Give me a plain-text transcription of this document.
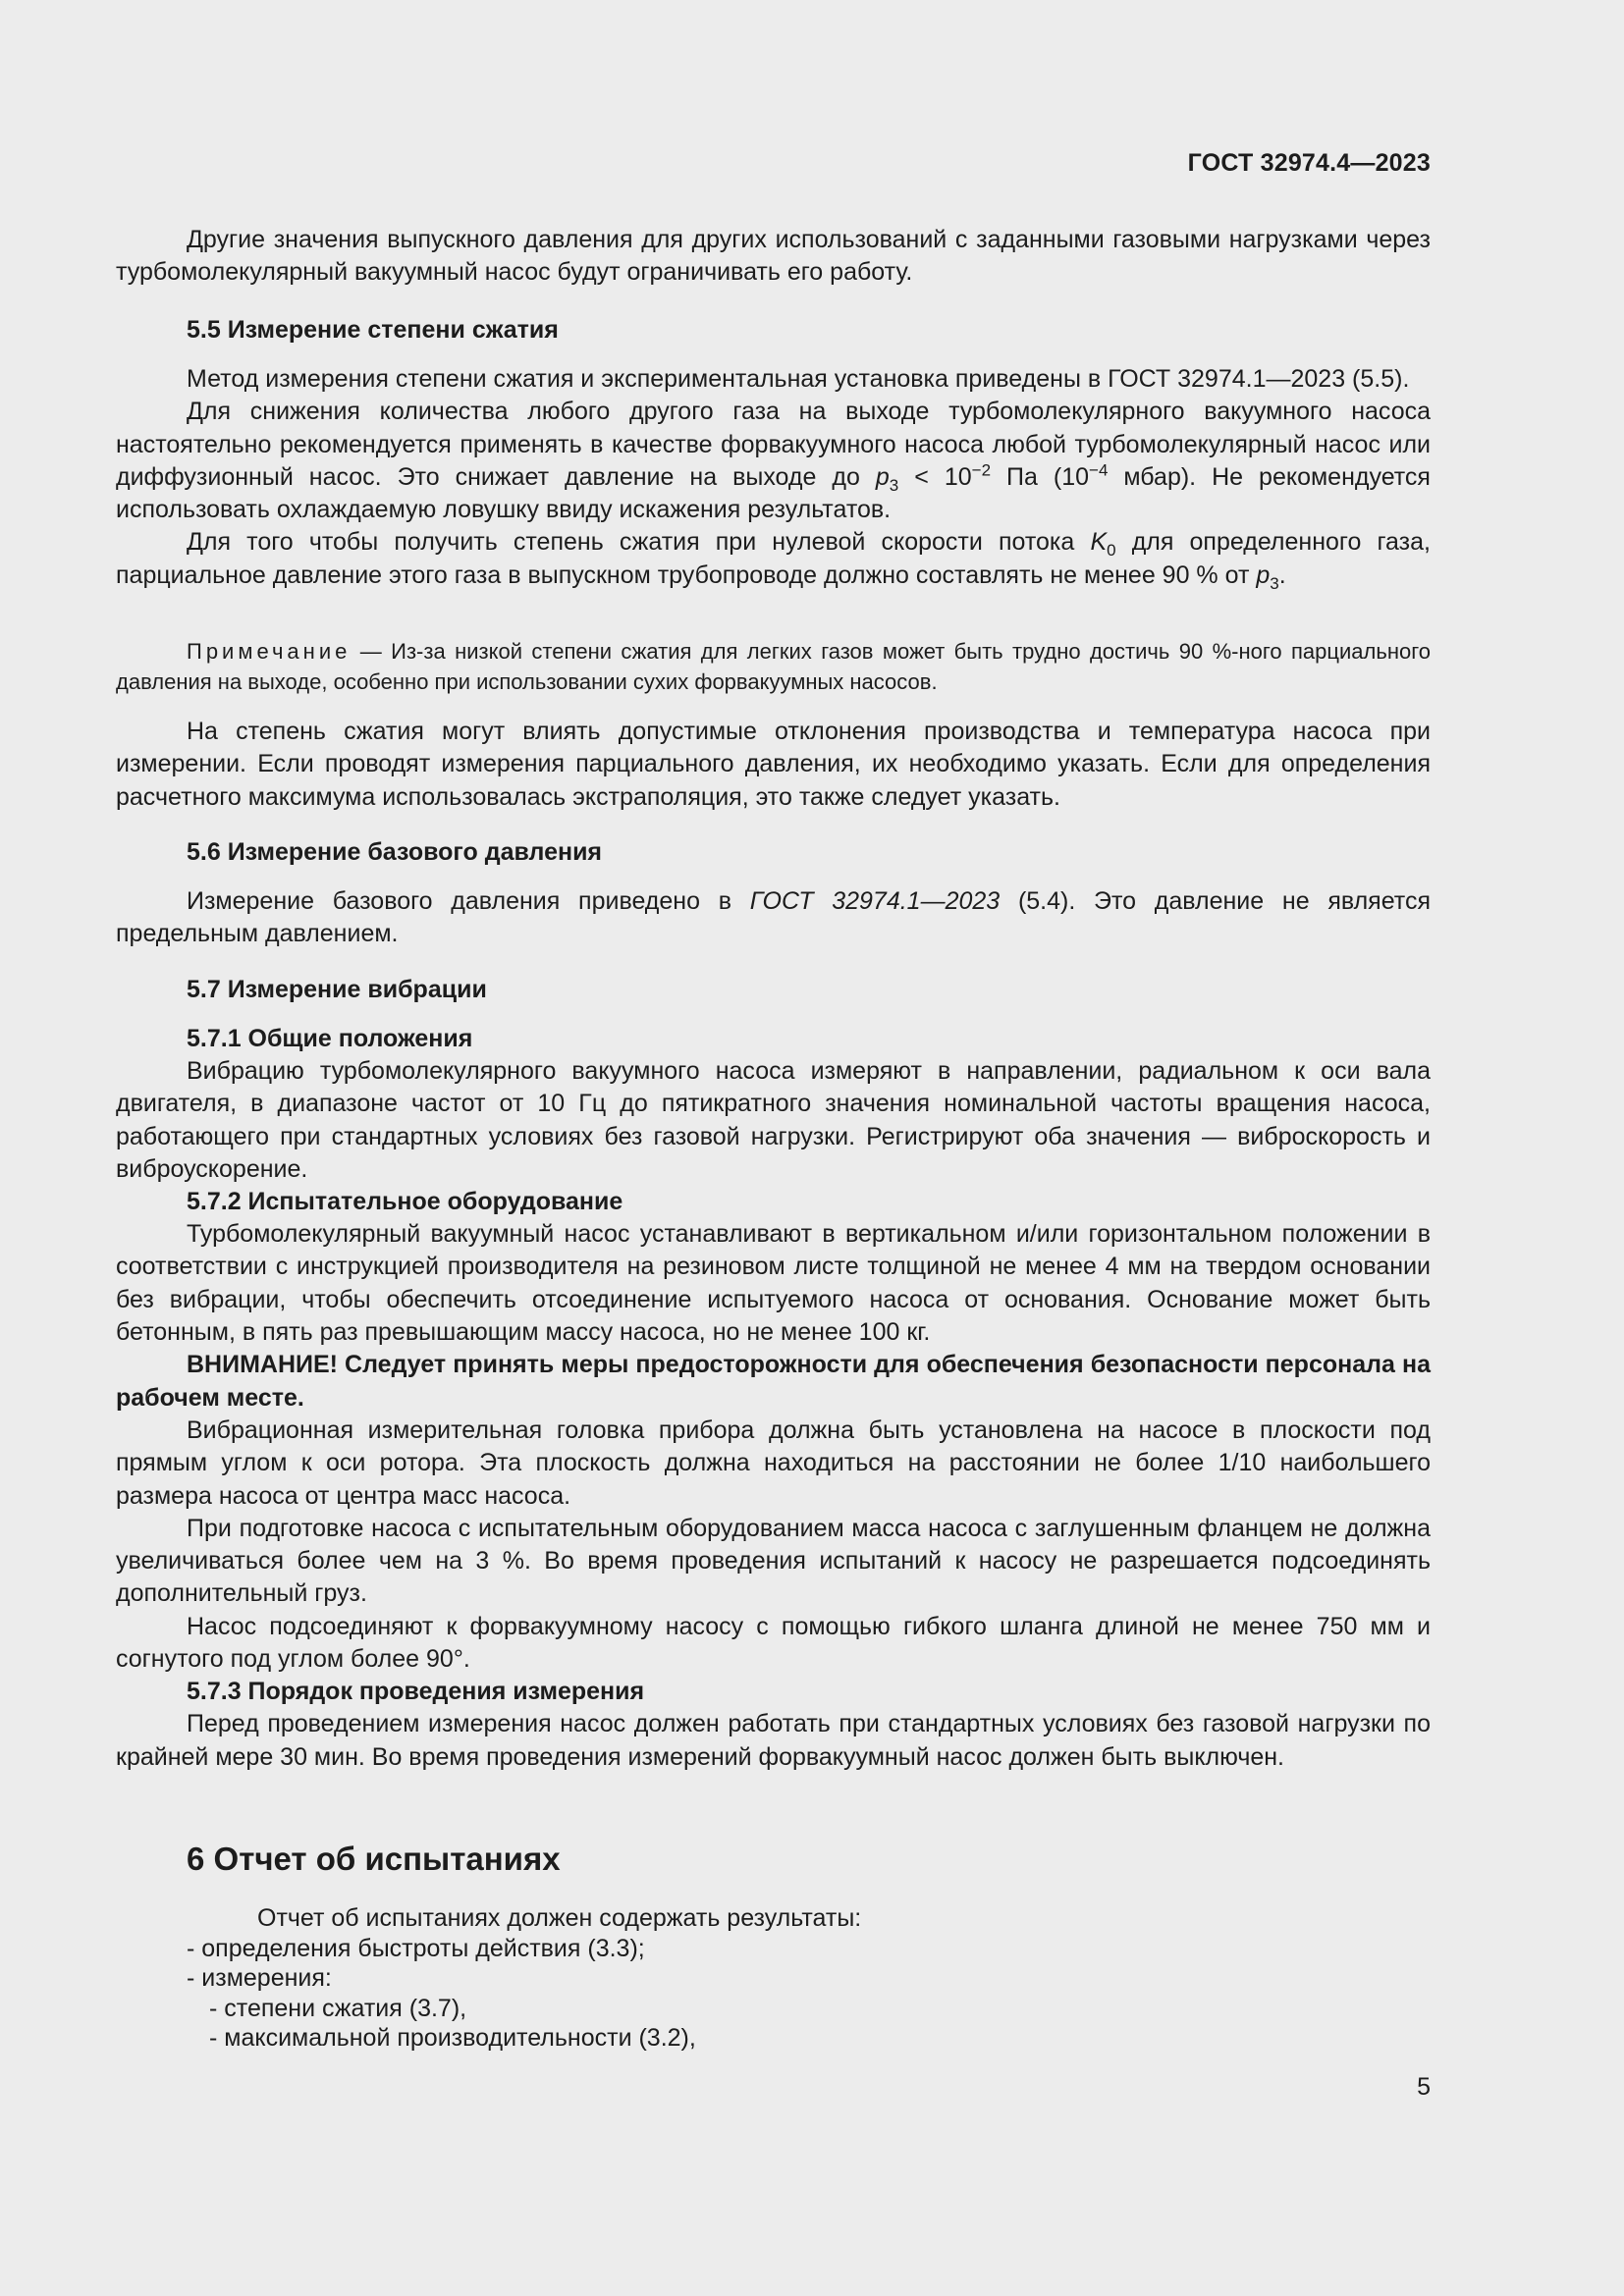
ГОСТ 32974.4—2023

Другие значения выпускного давления для других использований с заданными газовыми нагрузками через турбомолекулярный вакуумный насос будут ограничивать его работу.

5.5 Измерение степени сжатия

Метод измерения степени сжатия и экспериментальная установка приведены в ГОСТ 32974.1—2023 (5.5).

Для снижения количества любого другого газа на выходе турбомолекулярного вакуумного насоса настоятельно рекомендуется применять в качестве форвакуумного насоса любой турбомолекулярный насос или диффузионный насос. Это снижает давление на выходе до $p_3 < 10^{-2}$ Па ($10^{-4}$ мбар). Не рекомендуется использовать охлаждаемую ловушку ввиду искажения результатов.

Для того чтобы получить степень сжатия при нулевой скорости потока $K_0$ для определенного газа, парциальное давление этого газа в выпускном трубопроводе должно составлять не менее 90 % от $p_3$.

Примечание — Из-за низкой степени сжатия для легких газов может быть трудно достичь 90 %-ного парциального давления на выходе, особенно при использовании сухих форвакуумных насосов.

На степень сжатия могут влиять допустимые отклонения производства и температура насоса при измерении. Если проводят измерения парциального давления, их необходимо указать. Если для определения расчетного максимума использовалась экстраполяция, это также следует указать.

5.6 Измерение базового давления

Измерение базового давления приведено в ГОСТ 32974.1—2023 (5.4). Это давление не является предельным давлением.

5.7 Измерение вибрации
5.7.1 Общие положения

Вибрацию турбомолекулярного вакуумного насоса измеряют в направлении, радиальном к оси вала двигателя, в диапазоне частот от 10 Гц до пятикратного значения номинальной частоты вращения насоса, работающего при стандартных условиях без газовой нагрузки. Регистрируют оба значения — виброскорость и виброускорение.

5.7.2 Испытательное оборудование

Турбомолекулярный вакуумный насос устанавливают в вертикальном и/или горизонтальном положении в соответствии с инструкцией производителя на резиновом листе толщиной не менее 4 мм на твердом основании без вибрации, чтобы обеспечить отсоединение испытуемого насоса от основания. Основание может быть бетонным, в пять раз превышающим массу насоса, но не менее 100 кг.

ВНИМАНИЕ! Следует принять меры предосторожности для обеспечения безопасности персонала на рабочем месте.

Вибрационная измерительная головка прибора должна быть установлена на насосе в плоскости под прямым углом к оси ротора. Эта плоскость должна находиться на расстоянии не более 1/10 наибольшего размера насоса от центра масс насоса.

При подготовке насоса с испытательным оборудованием масса насоса с заглушенным фланцем не должна увеличиваться более чем на 3 %. Во время проведения испытаний к насосу не разрешается подсоединять дополнительный груз.

Насос подсоединяют к форвакуумному насосу с помощью гибкого шланга длиной не менее 750 мм и согнутого под углом более 90°.

5.7.3 Порядок проведения измерения

Перед проведением измерения насос должен работать при стандартных условиях без газовой нагрузки по крайней мере 30 мин. Во время проведения измерений форвакуумный насос должен быть выключен.

6 Отчет об испытаниях

Отчет об испытаниях должен содержать результаты:

- определения быстроты действия (3.3);

- измерения:

- степени сжатия (3.7),

- максимальной производительности (3.2),

5
